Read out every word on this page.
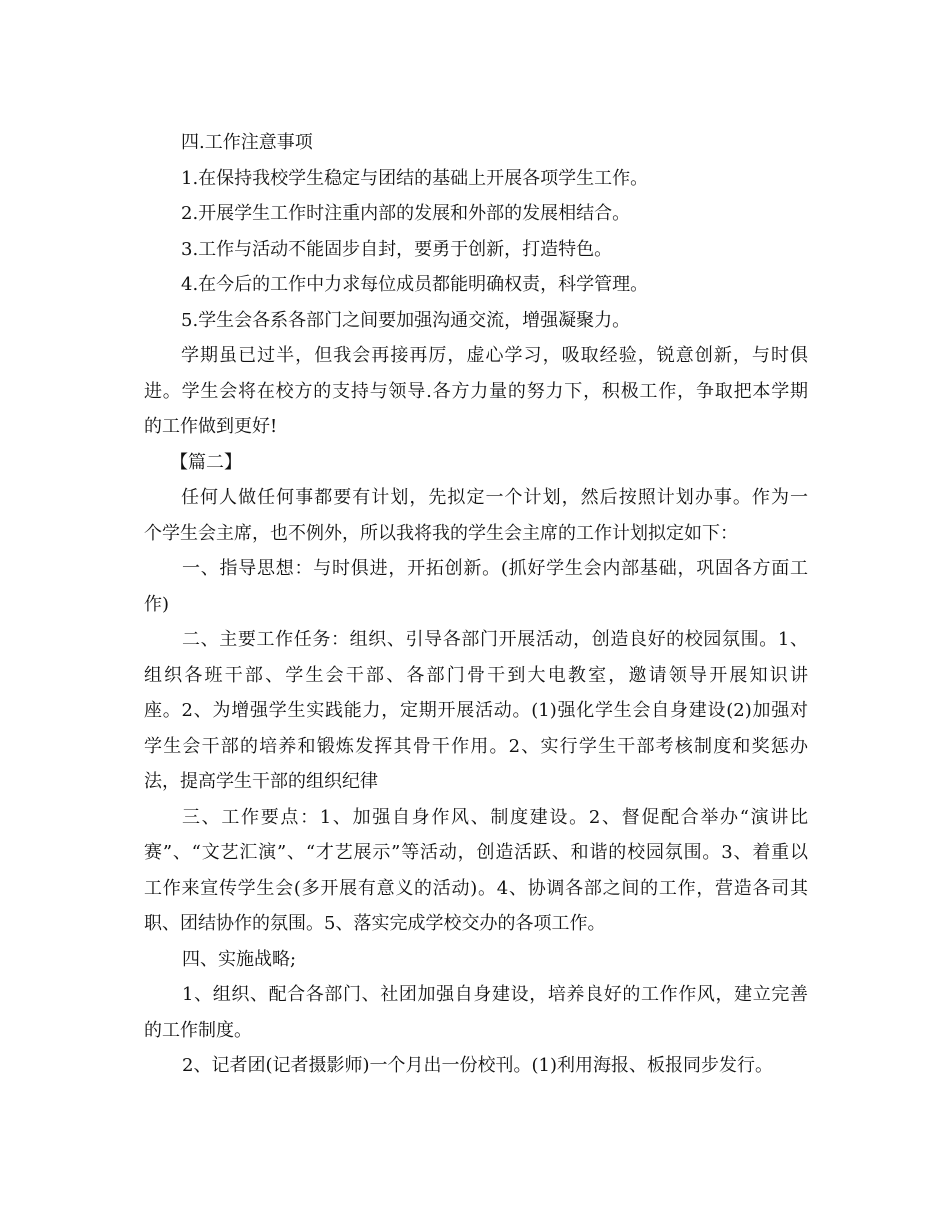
四.工作注意事项
1.在保持我校学生稳定与团结的基础上开展各项学生工作。
2.开展学生工作时注重内部的发展和外部的发展相结合。
3.工作与活动不能固步自封，要勇于创新，打造特色。
4.在今后的工作中力求每位成员都能明确权责，科学管理。
5.学生会各系各部门之间要加强沟通交流，增强凝聚力。
学期虽已过半，但我会再接再厉，虚心学习，吸取经验，锐意创新，与时俱
进。学生会将在校方的支持与领导.各方力量的努力下，积极工作，争取把本学期
的工作做到更好!
【篇二】
任何人做任何事都要有计划，先拟定一个计划，然后按照计划办事。作为一
个学生会主席，也不例外，所以我将我的学生会主席的工作计划拟定如下：
一、指导思想：与时俱进，开拓创新。(抓好学生会内部基础，巩固各方面工
作)
二、主要工作任务：组织、引导各部门开展活动，创造良好的校园氛围。1、
组织各班干部、学生会干部、各部门骨干到大电教室，邀请领导开展知识讲
座。2、为增强学生实践能力，定期开展活动。(1)强化学生会自身建设(2)加强对
学生会干部的培养和锻炼发挥其骨干作用。2、实行学生干部考核制度和奖惩办
法，提高学生干部的组织纪律
三、工作要点：1、加强自身作风、制度建设。2、督促配合举办“演讲比
赛”、“文艺汇演”、“才艺展示”等活动，创造活跃、和谐的校园氛围。3、着重以
工作来宣传学生会(多开展有意义的活动)。4、协调各部之间的工作，营造各司其
职、团结协作的氛围。5、落实完成学校交办的各项工作。
四、实施战略;
1、组织、配合各部门、社团加强自身建设，培养良好的工作作风，建立完善
的工作制度。
2、记者团(记者摄影师)一个月出一份校刊。(1)利用海报、板报同步发行。
